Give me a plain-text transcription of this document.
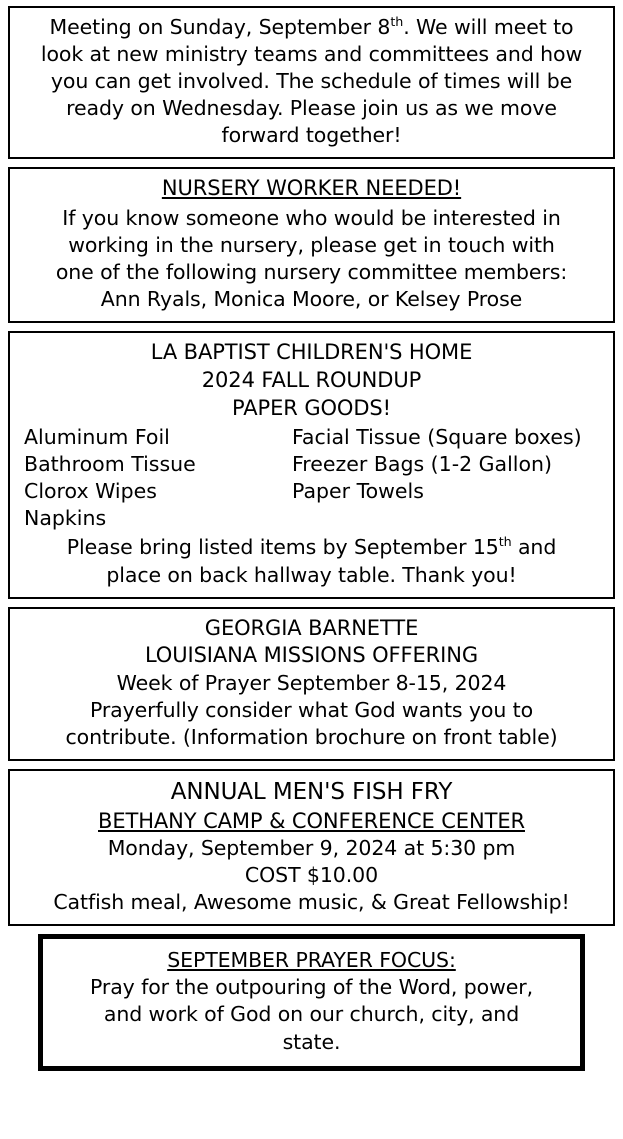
Meeting on Sunday, September 8th. We will meet to
look at new ministry teams and committees and how
you can get involved. The schedule of times will be
ready on Wednesday. Please join us as we move
forward together!
NURSERY WORKER NEEDED!
If you know someone who would be interested in
working in the nursery, please get in touch with
one of the following nursery committee members:
Ann Ryals, Monica Moore, or Kelsey Prose
LA BAPTIST CHILDREN'S HOME
2024 FALL ROUNDUP
PAPER GOODS!
Aluminum Foil
Bathroom Tissue
Clorox Wipes
Napkins
Facial Tissue (Square boxes)
Freezer Bags (1-2 Gallon)
Paper Towels
Please bring listed items by September 15th and
place on back hallway table. Thank you!
GEORGIA BARNETTE
LOUISIANA MISSIONS OFFERING
Week of Prayer September 8-15, 2024
Prayerfully consider what God wants you to
contribute. (Information brochure on front table)
ANNUAL MEN'S FISH FRY
BETHANY CAMP & CONFERENCE CENTER
Monday, September 9, 2024 at 5:30 pm
COST $10.00
Catfish meal, Awesome music, & Great Fellowship!
SEPTEMBER PRAYER FOCUS:
Pray for the outpouring of the Word, power,
and work of God on our church, city, and
state.
